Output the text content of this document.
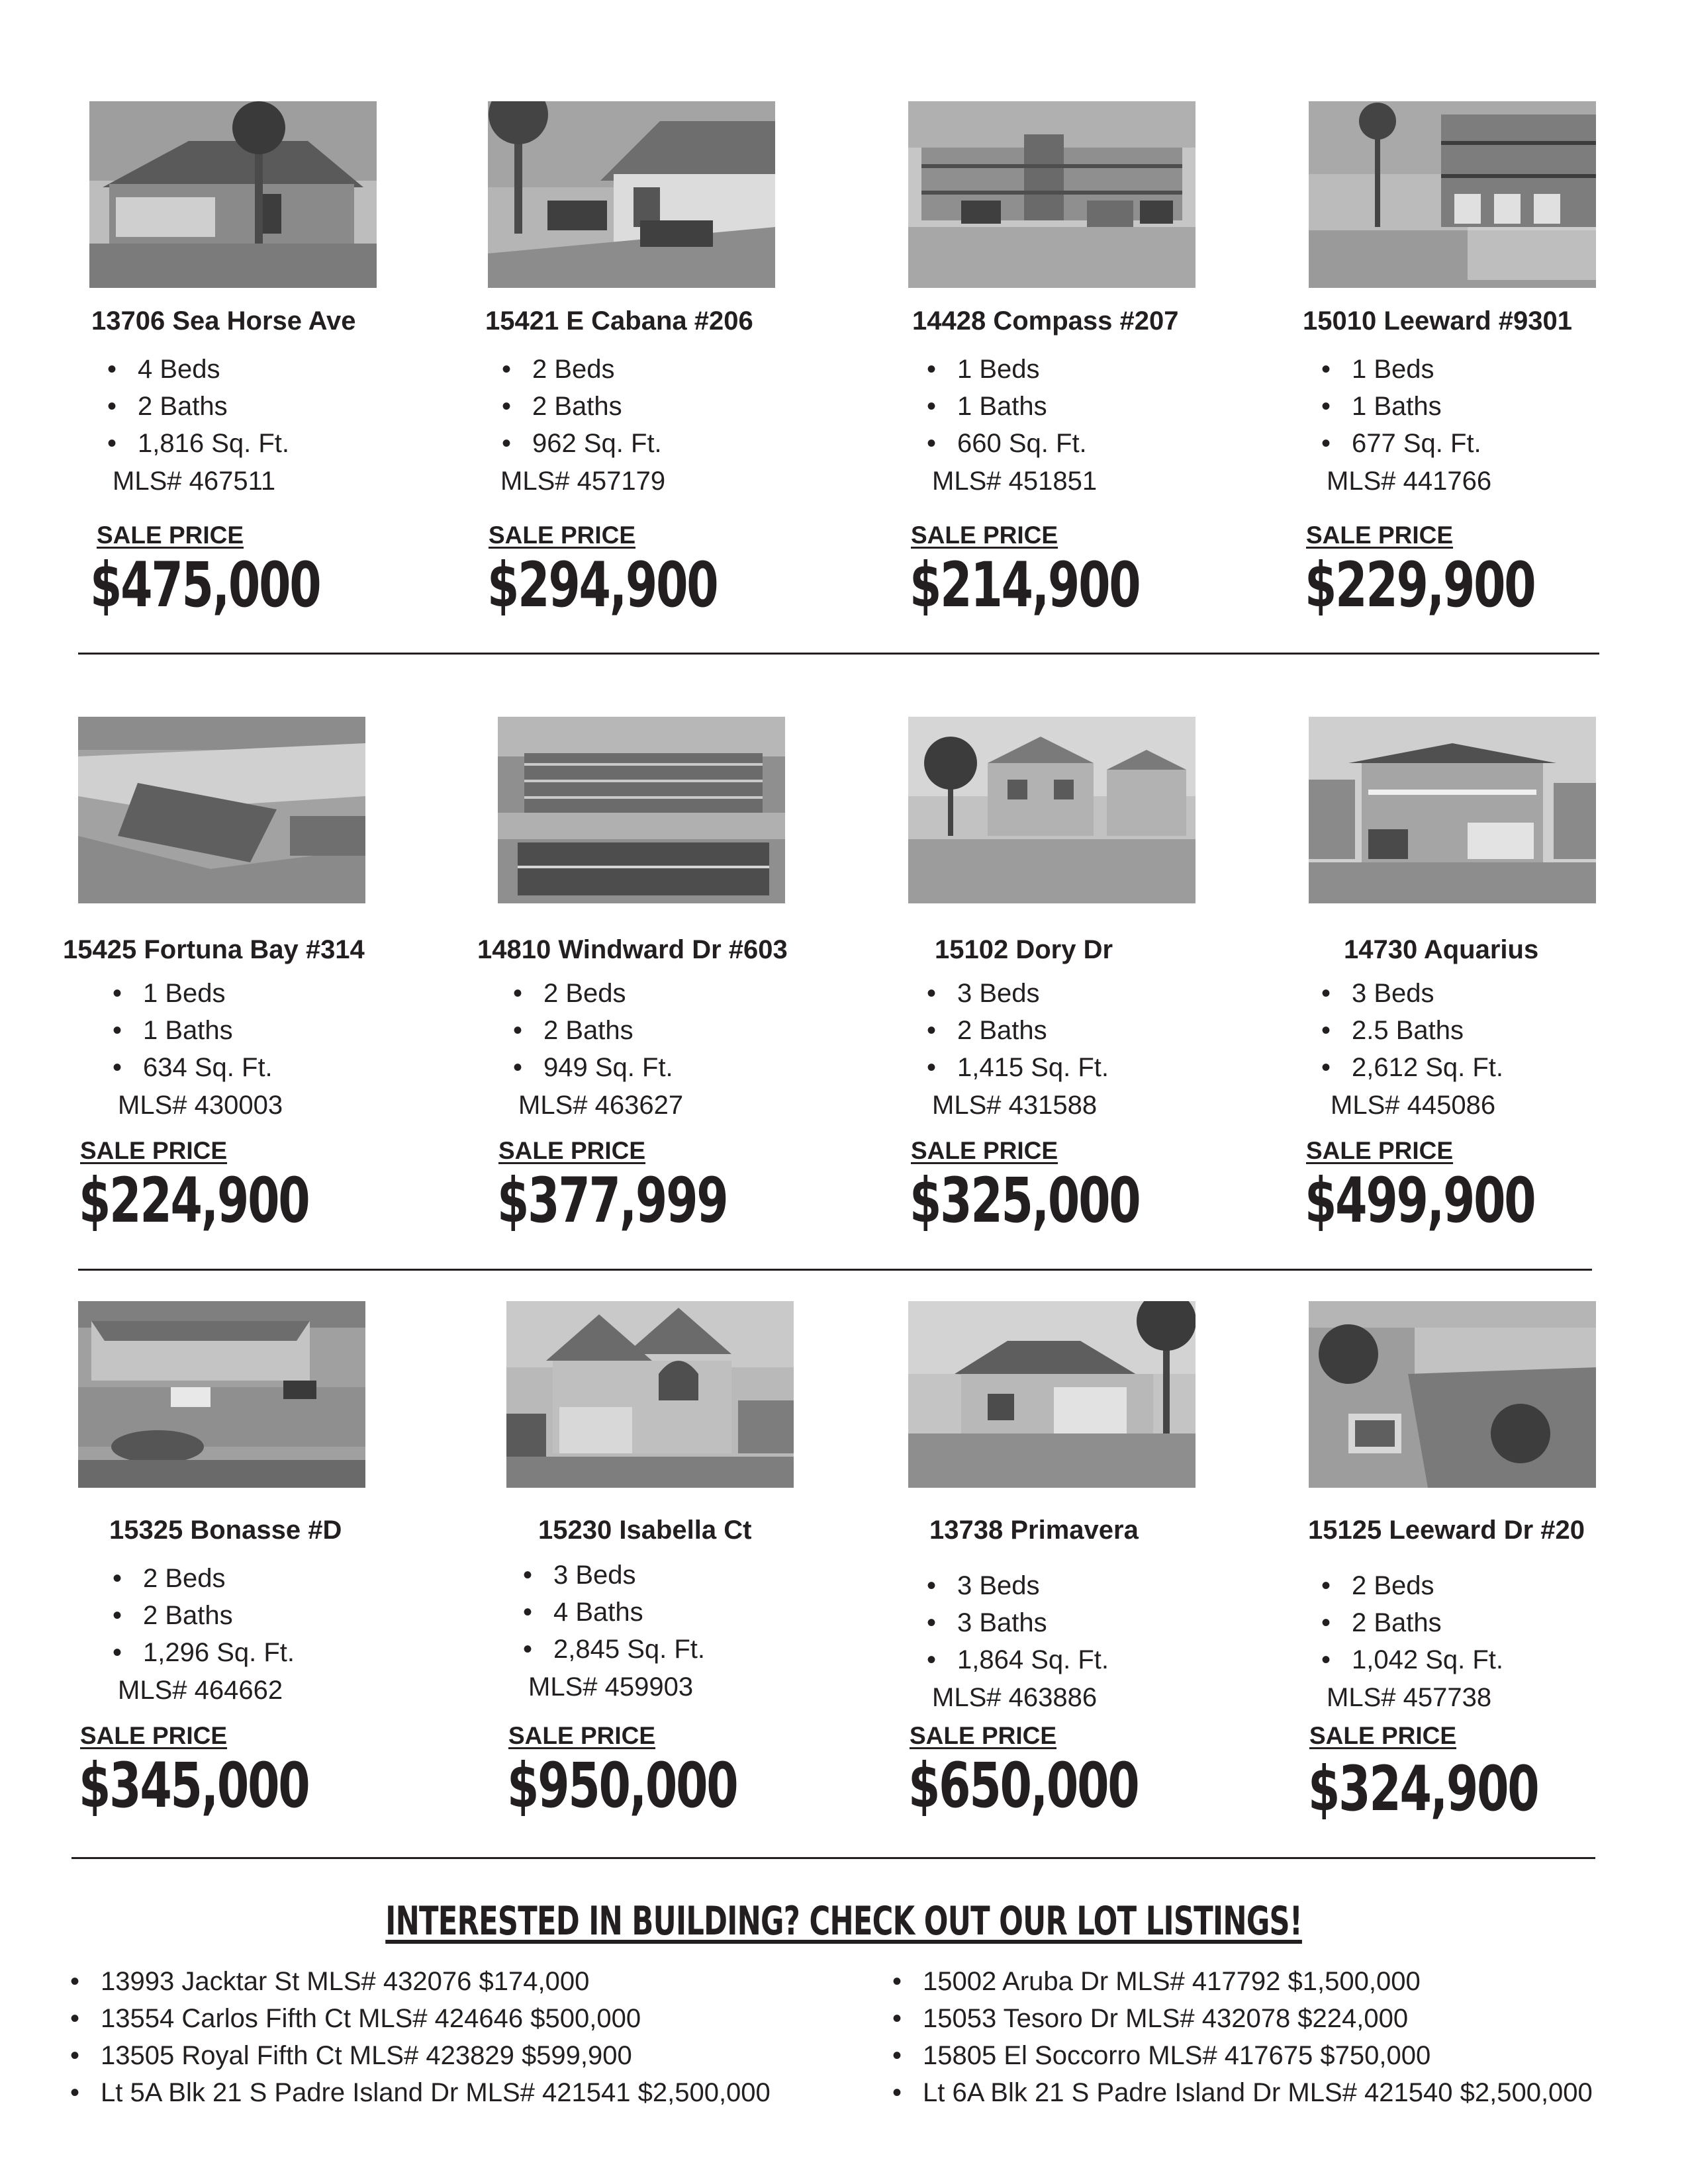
13706 Sea Horse Ave
• 4 Beds
• 2 Baths
• 1,816 Sq. Ft.
MLS# 467511
SALE PRICE
$475,000
15421 E Cabana #206
• 2 Beds
• 2 Baths
• 962 Sq. Ft.
MLS# 457179
SALE PRICE
$294,900
14428 Compass #207
• 1 Beds
• 1 Baths
• 660 Sq. Ft.
MLS# 451851
SALE PRICE
$214,900
15010 Leeward #9301
• 1 Beds
• 1 Baths
• 677 Sq. Ft.
MLS# 441766
SALE PRICE
$229,900
15425 Fortuna Bay #314
• 1 Beds
• 1 Baths
• 634 Sq. Ft.
MLS# 430003
SALE PRICE
$224,900
14810 Windward Dr #603
• 2 Beds
• 2 Baths
• 949 Sq. Ft.
MLS# 463627
SALE PRICE
$377,999
15102 Dory Dr
• 3 Beds
• 2 Baths
• 1,415 Sq. Ft.
MLS# 431588
SALE PRICE
$325,000
14730 Aquarius
• 3 Beds
• 2.5 Baths
• 2,612 Sq. Ft.
MLS# 445086
SALE PRICE
$499,900
15325 Bonasse #D
• 2 Beds
• 2 Baths
• 1,296 Sq. Ft.
MLS# 464662
SALE PRICE
$345,000
15230 Isabella Ct
• 3 Beds
• 4 Baths
• 2,845 Sq. Ft.
MLS# 459903
SALE PRICE
$950,000
13738 Primavera
• 3 Beds
• 3 Baths
• 1,864 Sq. Ft.
MLS# 463886
SALE PRICE
$650,000
15125 Leeward Dr #20
• 2 Beds
• 2 Baths
• 1,042 Sq. Ft.
MLS# 457738
SALE PRICE
$324,900
INTERESTED IN BUILDING? CHECK OUT OUR LOT LISTINGS!
• 13993 Jacktar St MLS# 432076 $174,000
• 13554 Carlos Fifth Ct MLS# 424646 $500,000
• 13505 Royal Fifth Ct MLS# 423829 $599,900
• Lt 5A Blk 21 S Padre Island Dr MLS# 421541 $2,500,000
• 15002 Aruba Dr MLS# 417792 $1,500,000
• 15053 Tesoro Dr MLS# 432078 $224,000
• 15805 El Soccorro MLS# 417675 $750,000
• Lt 6A Blk 21 S Padre Island Dr MLS# 421540 $2,500,000
